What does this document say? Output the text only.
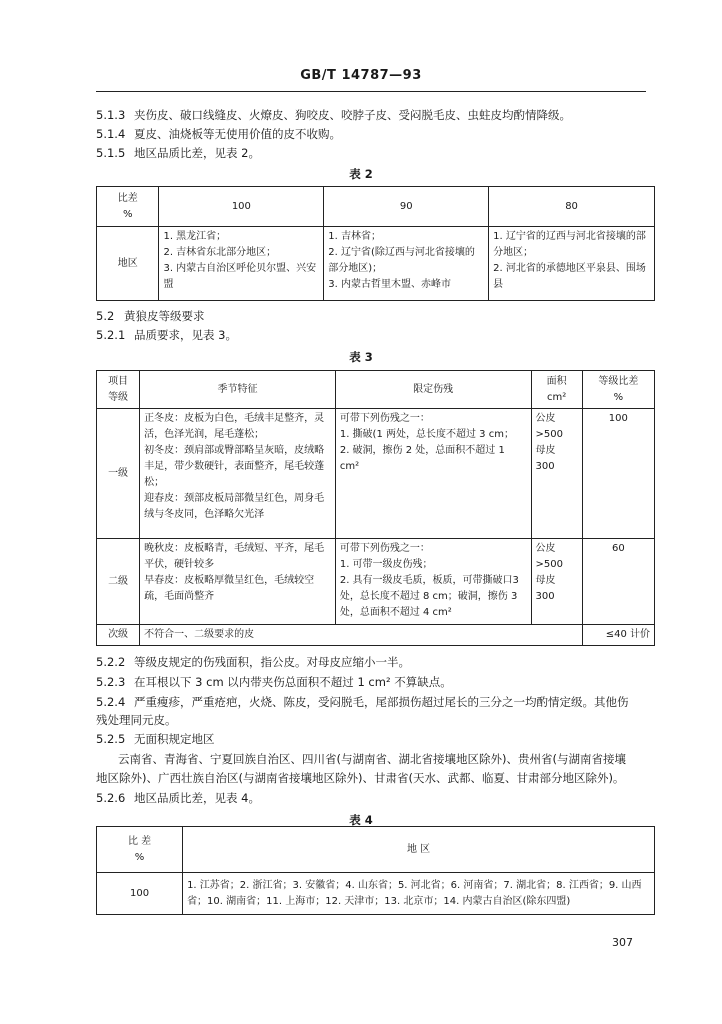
GB/T 14787—93
5.1.3 夹伤皮、破口线缝皮、火燎皮、狗咬皮、咬脖子皮、受闷脱毛皮、虫蛀皮均酌情降级。
5.1.4 夏皮、油烧板等无使用价值的皮不收购。
5.1.5 地区品质比差，见表 2。
表 2
比差
%	100	90	80
地区	1. 黑龙江省；
2. 吉林省东北部分地区；
3. 内蒙古自治区呼伦贝尔盟、兴安盟	1. 吉林省；
2. 辽宁省(除辽西与河北省接壤的部分地区)；
3. 内蒙古哲里木盟、赤峰市	1. 辽宁省的辽西与河北省接壤的部分地区；
2. 河北省的承德地区平泉县、围场县
5.2 黄狼皮等级要求
5.2.1 品质要求，见表 3。
表 3
项目
等级	季节特征	限定伤残	面积
cm²	等级比差
%
一级	正冬皮：皮板为白色，毛绒丰足整齐，灵活，色泽光润，尾毛蓬松；
初冬皮：颈肩部或臀部略呈灰暗，皮绒略丰足，带少数硬针，表面整齐，尾毛较蓬松；
迎春皮：颈部皮板局部微呈红色，周身毛绒与冬皮同，色泽略欠光泽	可带下列伤残之一：
1. 撕破(1 两处，总长度不超过 3 cm；
2. 破洞，擦伤 2 处，总面积不超过 1 cm²	公皮
>500
母皮
300	100
二级	晚秋皮：皮板略青，毛绒短、平齐，尾毛平伏，硬针较多
早春皮：皮板略厚微呈红色，毛绒较空疏，毛面尚整齐	可带下列伤残之一：
1. 可带一级皮伤残；
2. 具有一级皮毛质，板质，可带撕破口3 处，总长度不超过 8 cm；破洞，擦伤 3处，总面积不超过 4 cm²	公皮
>500
母皮
300	60
次级	不符合一、二级要求的皮			≤40 计价
5.2.2 等级皮规定的伤残面积，指公皮。对母皮应缩小一半。
5.2.3 在耳根以下 3 cm 以内带夹伤总面积不超过 1 cm² 不算缺点。
5.2.4 严重瘦疹，严重疮疤，火烧、陈皮，受闷脱毛，尾部损伤超过尾长的三分之一均酌情定级。其他伤
残处理同元皮。
5.2.5 无面积规定地区
云南省、青海省、宁夏回族自治区、四川省(与湖南省、湖北省接壤地区除外)、贵州省(与湖南省接壤
地区除外)、广西壮族自治区(与湖南省接壤地区除外)、甘肃省(天水、武都、临夏、甘肃部分地区除外)。
5.2.6 地区品质比差，见表 4。
表 4
比 差
%	地 区
100	1. 江苏省；2. 浙江省；3. 安徽省；4. 山东省；5. 河北省；6. 河南省；7. 湖北省；8. 江西省；9. 山西省；10. 湖南省；11. 上海市；12. 天津市；13. 北京市；14. 内蒙古自治区(除东四盟)
307
